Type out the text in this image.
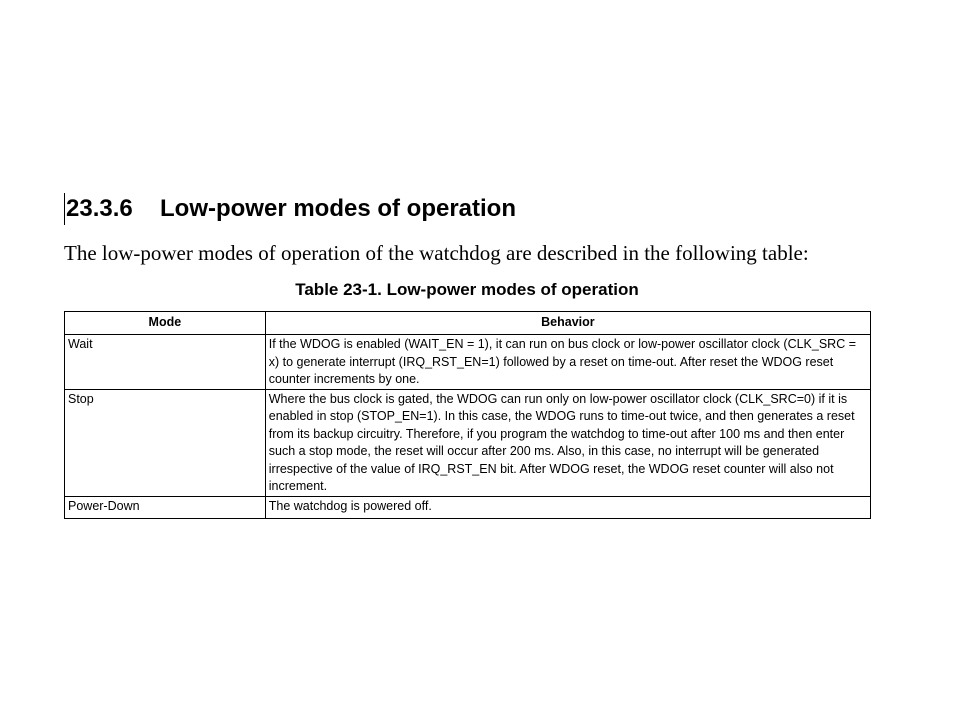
23.3.6 Low-power modes of operation

The low-power modes of operation of the watchdog are described in the following table:

Table 23-1. Low-power modes of operation

Mode	Behavior
Wait	If the WDOG is enabled (WAIT_EN = 1), it can run on bus clock or low-power oscillator clock (CLK_SRC = x) to generate interrupt (IRQ_RST_EN=1) followed by a reset on time-out. After reset the WDOG reset counter increments by one.
Stop	Where the bus clock is gated, the WDOG can run only on low-power oscillator clock (CLK_SRC=0) if it is enabled in stop (STOP_EN=1). In this case, the WDOG runs to time-out twice, and then generates a reset from its backup circuitry. Therefore, if you program the watchdog to time-out after 100 ms and then enter such a stop mode, the reset will occur after 200 ms. Also, in this case, no interrupt will be generated irrespective of the value of IRQ_RST_EN bit. After WDOG reset, the WDOG reset counter will also not increment.
Power-Down	The watchdog is powered off.
